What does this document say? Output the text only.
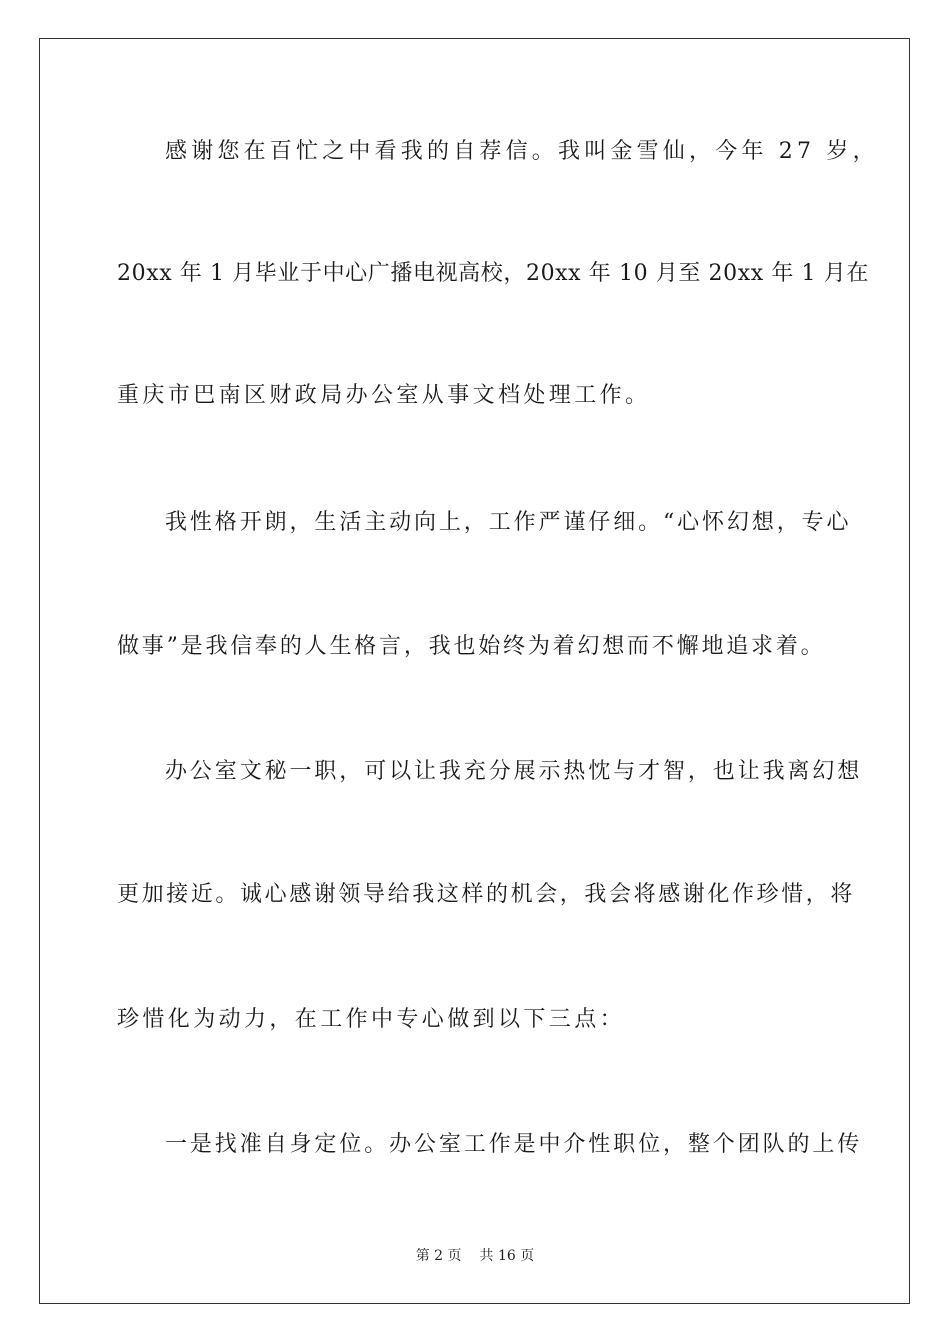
感谢您在百忙之中看我的自荐信。我叫金雪仙，今年 27 岁，
20xx 年 1 月毕业于中心广播电视高校，20xx 年 10 月至 20xx 年 1 月在
重庆市巴南区财政局办公室从事文档处理工作。
我性格开朗，生活主动向上，工作严谨仔细。“心怀幻想，专心
做事”是我信奉的人生格言，我也始终为着幻想而不懈地追求着。
办公室文秘一职，可以让我充分展示热忱与才智，也让我离幻想
更加接近。诚心感谢领导给我这样的机会，我会将感谢化作珍惜，将
珍惜化为动力，在工作中专心做到以下三点：
一是找准自身定位。办公室工作是中介性职位，整个团队的上传
第 2 页 共 16 页
